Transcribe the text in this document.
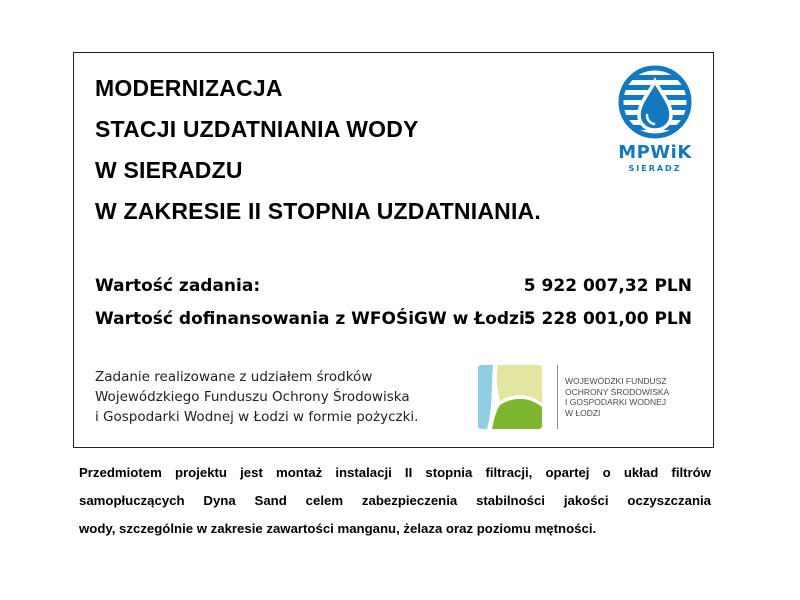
MODERNIZACJA
STACJI UZDATNIANIA WODY
W SIERADZU
W ZAKRESIE II STOPNIA UZDATNIANIA.
MPWiK
SIERADZ
Wartość zadania:	5 922 007,32 PLN
Wartość dofinansowania z WFOŚiGW w Łodzi:
5 228 001,00 PLN

Zadanie realizowane z udziałem środków
Wojewódzkiego Funduszu Ochrony Środowiska
i Gospodarki Wodnej w Łodzi w formie pożyczki.

WOJEWÓDZKI FUNDUSZ
OCHRONY ŚRODOWISKA
I GOSPODARKI WODNEJ
W ŁODZI

Przedmiotem projektu jest montaż instalacji II stopnia filtracji, opartej o układ filtrów
samopłuczących Dyna Sand celem zabezpieczenia stabilności jakości oczyszczania
wody, szczególnie w zakresie zawartości manganu, żelaza oraz poziomu mętności.
